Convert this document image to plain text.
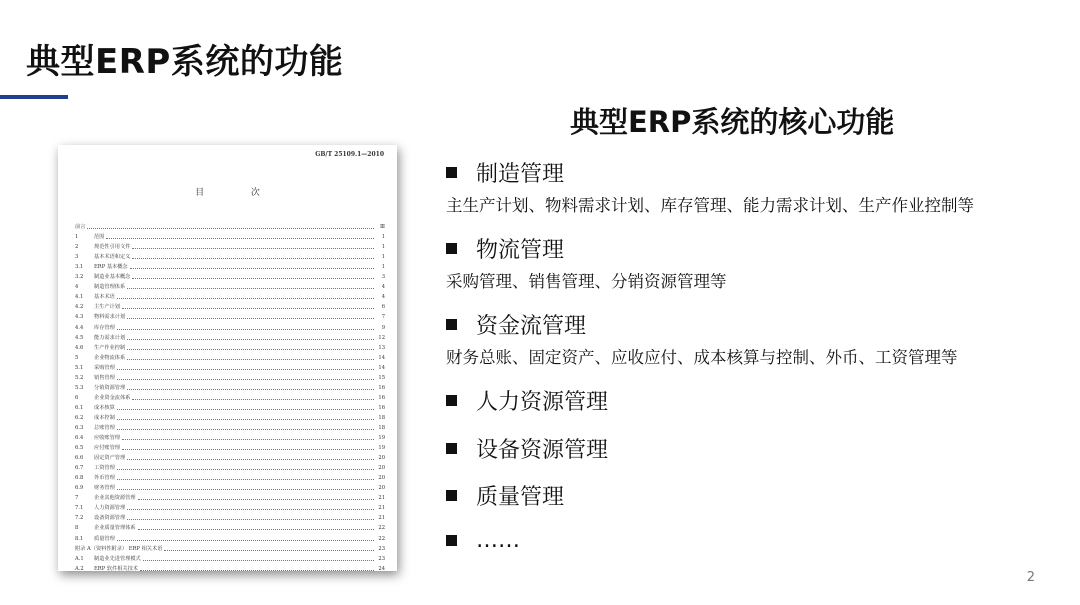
典型ERP系统的功能
GB/T 25109.1—2010
目 次
前言	Ⅲ
1	范围	1
2	规范性引用文件	1
3	基本术语和定义	1
3.1	ERP 基本概念	1
3.2	制造业基本概念	3
4	制造管理体系	4
4.1	基本术语	4
4.2	主生产计划	6
4.3	物料需求计划	7
4.4	库存管理	9
4.5	能力需求计划	12
4.6	生产作业控制	13
5	企业物流体系	14
5.1	采购管理	14
5.2	销售管理	15
5.3	分销资源管理	16
6	企业资金流体系	16
6.1	成本核算	16
6.2	成本控制	18
6.3	总账管理	18
6.4	应收账管理	19
6.5	应付账管理	19
6.6	固定资产管理	20
6.7	工资管理	20
6.8	外币管理	20
6.9	财务管理	20
7	企业其他资源管理	21
7.1	人力资源管理	21
7.2	设备资源管理	21
8	企业质量管理体系	22
8.1	质量管理	22
附录 A（资料性附录） ERP 相关术语	23
A.1	制造业先进管理模式	23
A.2	ERP 软件相关技术	24
典型ERP系统的核心功能
制造管理
主生产计划、物料需求计划、库存管理、能力需求计划、生产作业控制等
物流管理
采购管理、销售管理、分销资源管理等
资金流管理
财务总账、固定资产、应收应付、成本核算与控制、外币、工资管理等
人力资源管理
设备资源管理
质量管理
……
2
